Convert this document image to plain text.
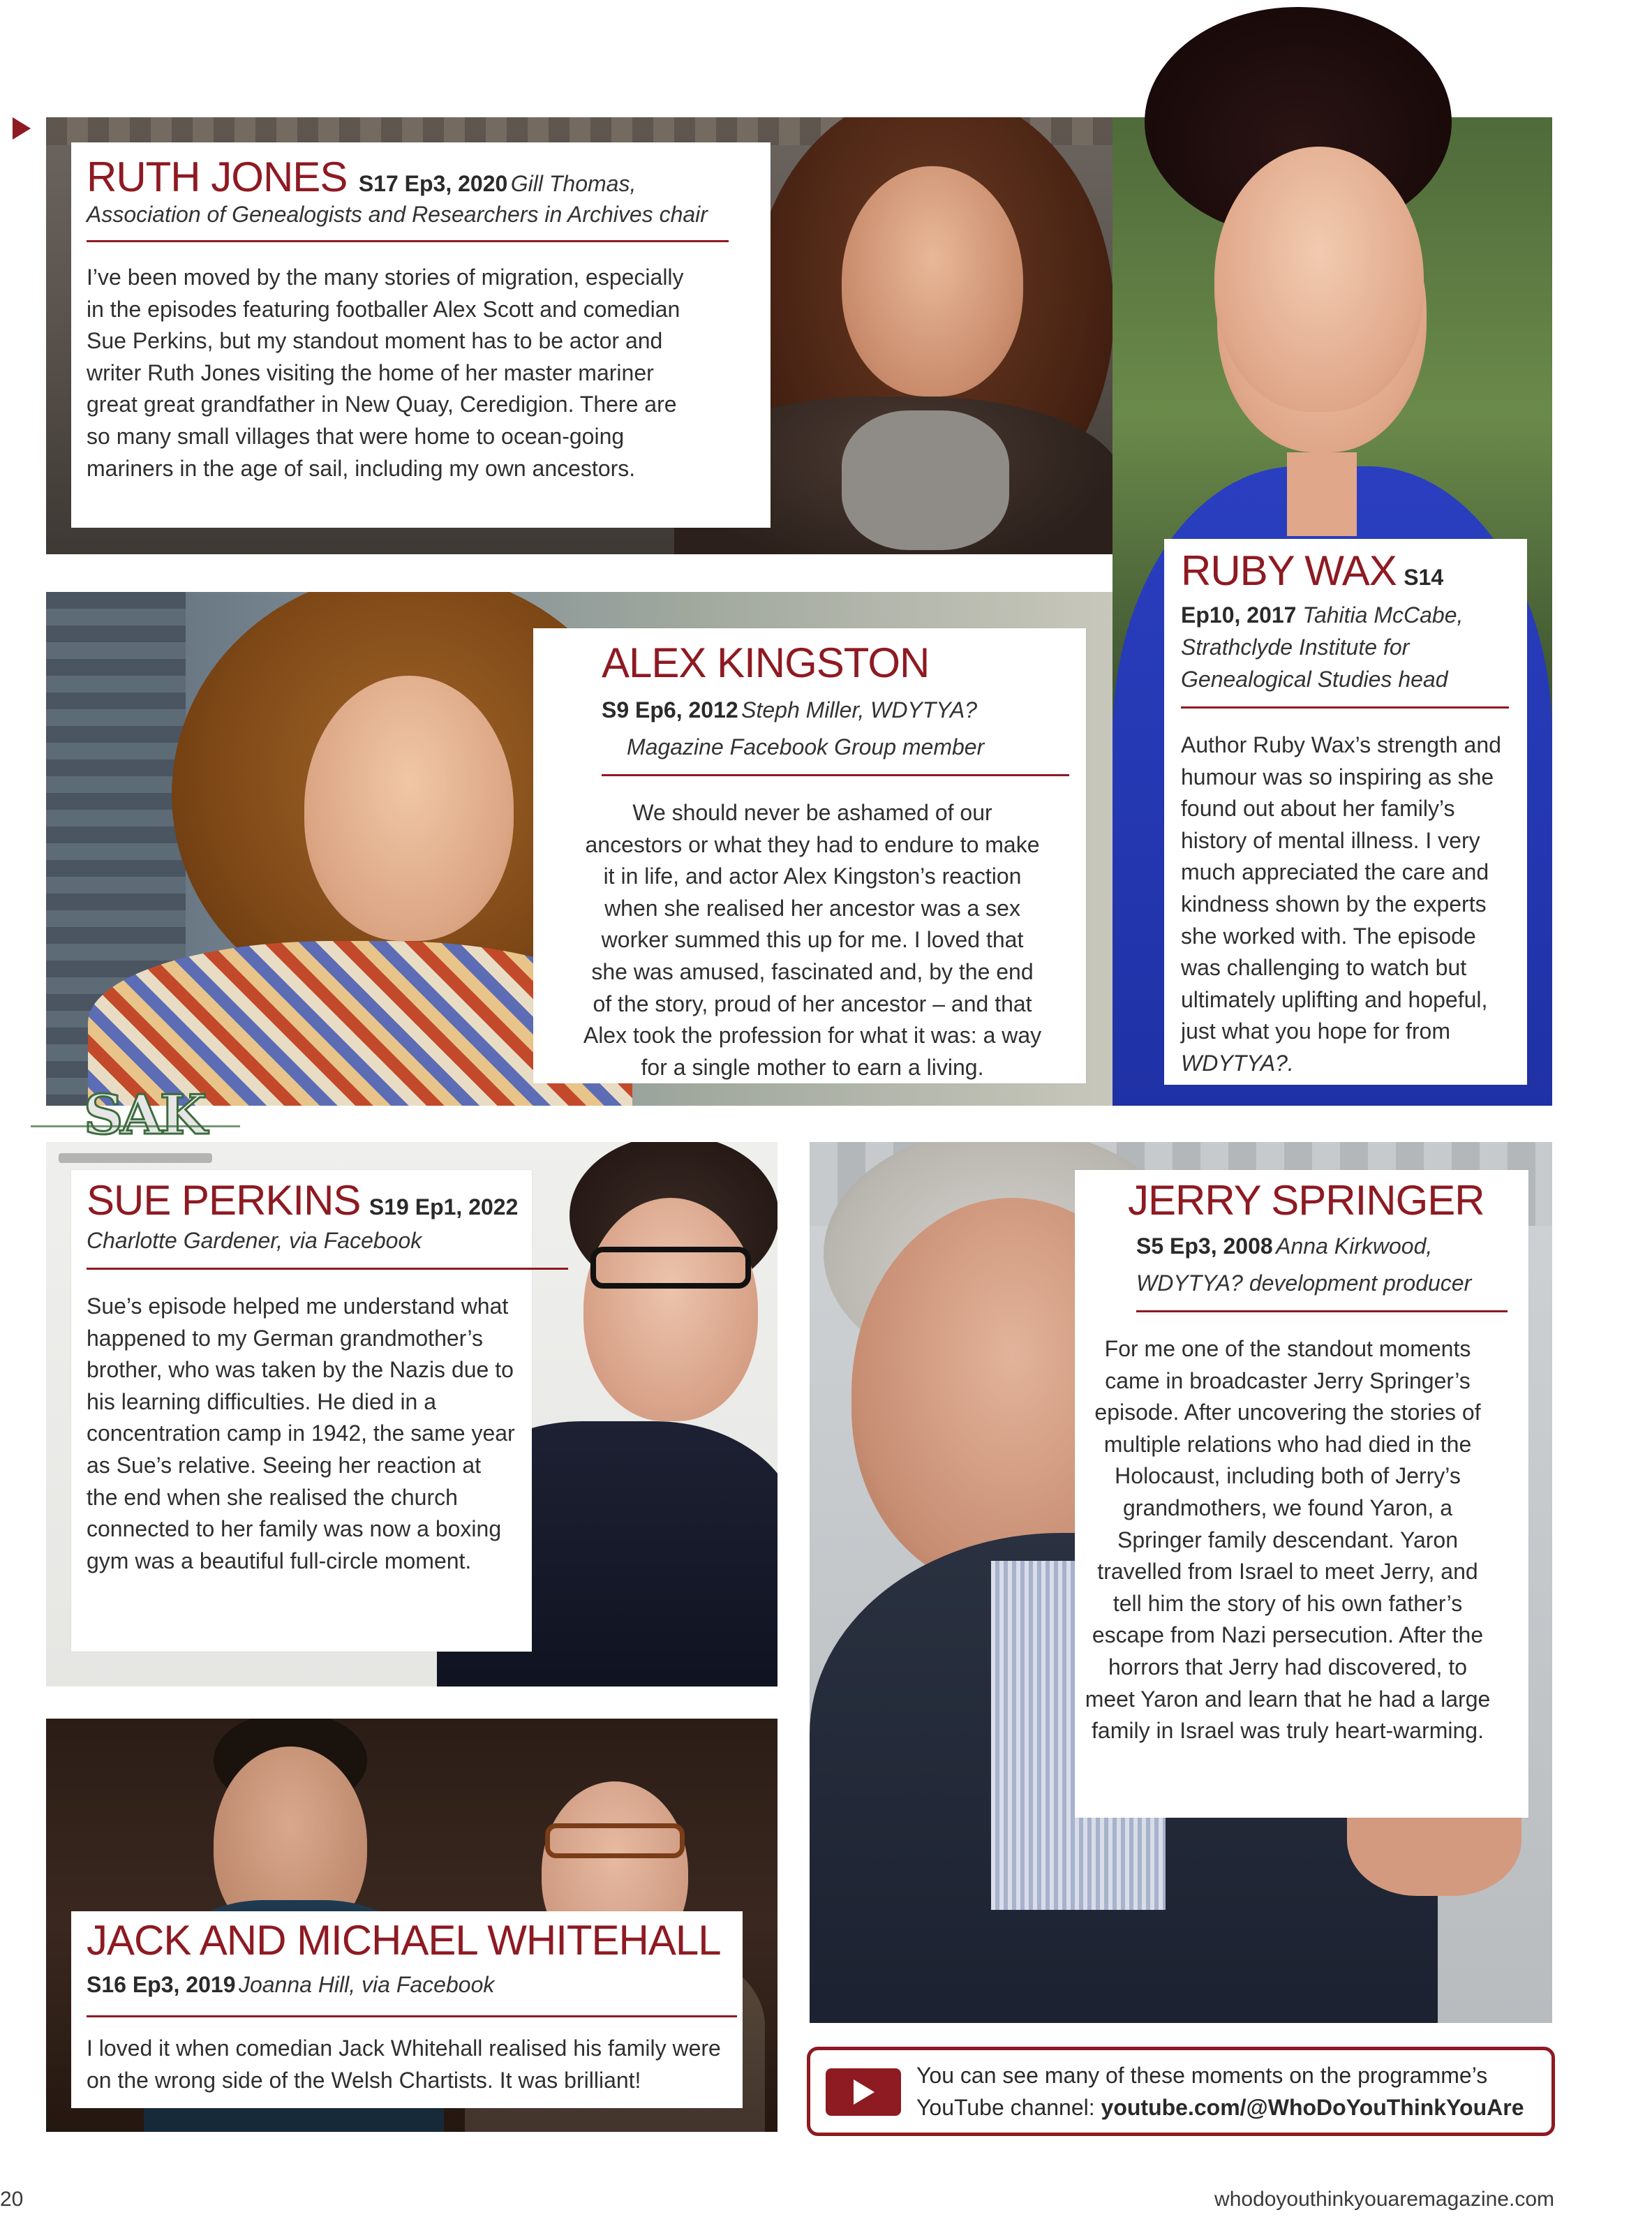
SAK
RUTH JONES S17 Ep3, 2020 Gill Thomas,
Association of Genealogists and Researchers in Archives chair
I’ve been moved by the many stories of migration, especially in the episodes featuring footballer Alex Scott and comedian Sue Perkins, but my standout moment has to be actor and writer Ruth Jones visiting the home of her master mariner great great grandfather in New Quay, Ceredigion. There are so many small villages that were home to ocean-going mariners in the age of sail, including my own ancestors.
RUBY WAX S14
Ep10, 2017 Tahitia McCabe,
Strathclyde Institute for Genealogical Studies head
Author Ruby Wax’s strength and humour was so inspiring as she found out about her family’s history of mental illness. I very much appreciated the care and kindness shown by the experts she worked with. The episode was challenging to watch but ultimately uplifting and hopeful, just what you hope for from WDYTYA?.
ALEX KINGSTON
S9 Ep6, 2012 Steph Miller, WDYTYA?
Magazine Facebook Group member
We should never be ashamed of our ancestors or what they had to endure to make it in life, and actor Alex Kingston’s reaction when she realised her ancestor was a sex worker summed this up for me. I loved that she was amused, fascinated and, by the end of the story, proud of her ancestor – and that Alex took the profession for what it was: a way for a single mother to earn a living.
SUE PERKINS S19 Ep1, 2022
Charlotte Gardener, via Facebook
Sue’s episode helped me understand what happened to my German grandmother’s brother, who was taken by the Nazis due to his learning difficulties. He died in a concentration camp in 1942, the same year as Sue’s relative. Seeing her reaction at the end when she realised the church connected to her family was now a boxing gym was a beautiful full-circle moment.
JERRY SPRINGER
S5 Ep3, 2008 Anna Kirkwood,
WDYTYA? development producer
For me one of the standout moments came in broadcaster Jerry Springer’s episode. After uncovering the stories of multiple relations who had died in the Holocaust, including both of Jerry’s grandmothers, we found Yaron, a Springer family descendant. Yaron travelled from Israel to meet Jerry, and tell him the story of his own father’s escape from Nazi persecution. After the horrors that Jerry had discovered, to meet Yaron and learn that he had a large family in Israel was truly heart-warming.
JACK AND MICHAEL WHITEHALL
S16 Ep3, 2019 Joanna Hill, via Facebook
I loved it when comedian Jack Whitehall realised his family were on the wrong side of the Welsh Chartists. It was brilliant!	You can see many of these moments on the programme’s
YouTube channel: youtube.com/@WhoDoYouThinkYouAre
20	whodoyouthinkyouaremagazine.com
